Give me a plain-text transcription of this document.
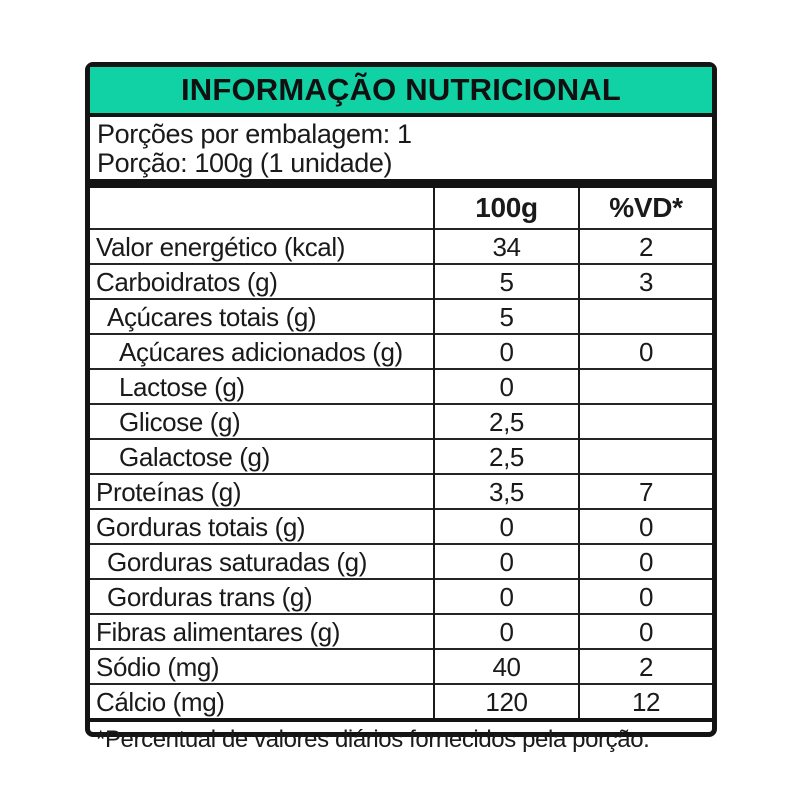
INFORMAÇÃO NUTRICIONAL
Porções por embalagem: 1
Porção: 100g (1 unidade)
	100g	%VD*
Valor energético (kcal)	34	2
Carboidratos (g)	5	3
Açúcares totais (g)	5	
Açúcares adicionados (g)	0	0
Lactose (g)	0	
Glicose (g)	2,5	
Galactose (g)	2,5	
Proteínas (g)	3,5	7
Gorduras totais (g)	0	0
Gorduras saturadas (g)	0	0
Gorduras trans (g)	0	0
Fibras alimentares (g)	0	0
Sódio (mg)	40	2
Cálcio (mg)	120	12
*Percentual de valores diários fornecidos pela porção.
